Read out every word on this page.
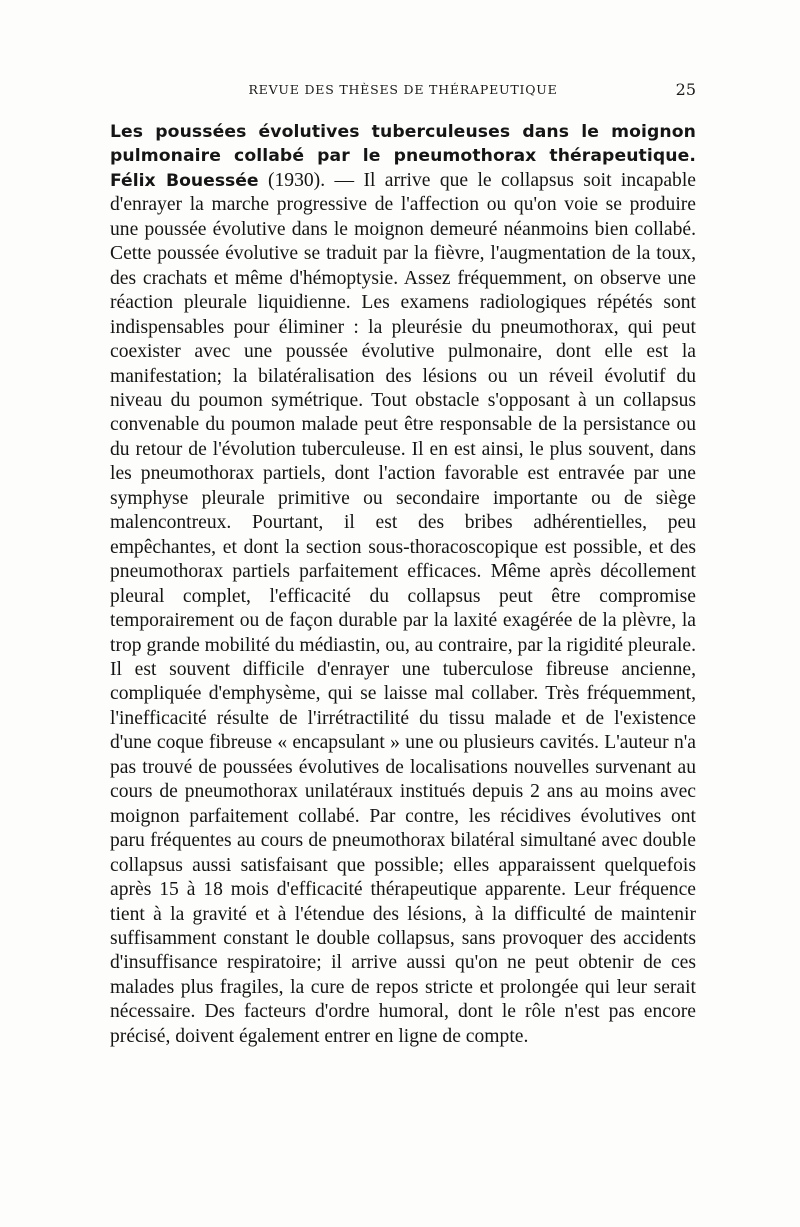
REVUE DES THÈSES DE THÉRAPEUTIQUE	25

Les poussées évolutives tuberculeuses dans le moignon pulmonaire collabé par le pneumothorax thérapeutique. Félix Bouessée (1930). — Il arrive que le collapsus soit incapable d'enrayer la marche progressive de l'affection ou qu'on voie se produire une poussée évolutive dans le moignon demeuré néanmoins bien collabé. Cette poussée évolutive se traduit par la fièvre, l'augmentation de la toux, des crachats et même d'hémoptysie. Assez fréquemment, on observe une réaction pleurale liquidienne. Les examens radiologiques répétés sont indispensables pour éliminer : la pleurésie du pneumothorax, qui peut coexister avec une poussée évolutive pulmonaire, dont elle est la manifestation; la bilatéralisation des lésions ou un réveil évolutif du niveau du poumon symétrique. Tout obstacle s'opposant à un collapsus convenable du poumon malade peut être responsable de la persistance ou du retour de l'évolution tuberculeuse. Il en est ainsi, le plus souvent, dans les pneumothorax partiels, dont l'action favorable est entravée par une symphyse pleurale primitive ou secondaire importante ou de siège malencontreux. Pourtant, il est des bribes adhérentielles, peu empêchantes, et dont la section sous-thoracoscopique est possible, et des pneumothorax partiels parfaitement efficaces. Même après décollement pleural complet, l'efficacité du collapsus peut être compromise temporairement ou de façon durable par la laxité exagérée de la plèvre, la trop grande mobilité du médiastin, ou, au contraire, par la rigidité pleurale. Il est souvent difficile d'enrayer une tuberculose fibreuse ancienne, compliquée d'emphysème, qui se laisse mal collaber. Très fréquemment, l'inefficacité résulte de l'irrétractilité du tissu malade et de l'existence d'une coque fibreuse « encapsulant » une ou plusieurs cavités. L'auteur n'a pas trouvé de poussées évolutives de localisations nouvelles survenant au cours de pneumothorax unilatéraux institués depuis 2 ans au moins avec moignon parfaitement collabé. Par contre, les récidives évolutives ont paru fréquentes au cours de pneumothorax bilatéral simultané avec double collapsus aussi satisfaisant que possible; elles apparaissent quelquefois après 15 à 18 mois d'efficacité thérapeutique apparente. Leur fréquence tient à la gravité et à l'étendue des lésions, à la difficulté de maintenir suffisamment constant le double collapsus, sans provoquer des accidents d'insuffisance respiratoire; il arrive aussi qu'on ne peut obtenir de ces malades plus fragiles, la cure de repos stricte et prolongée qui leur serait nécessaire. Des facteurs d'ordre humoral, dont le rôle n'est pas encore précisé, doivent également entrer en ligne de compte.
